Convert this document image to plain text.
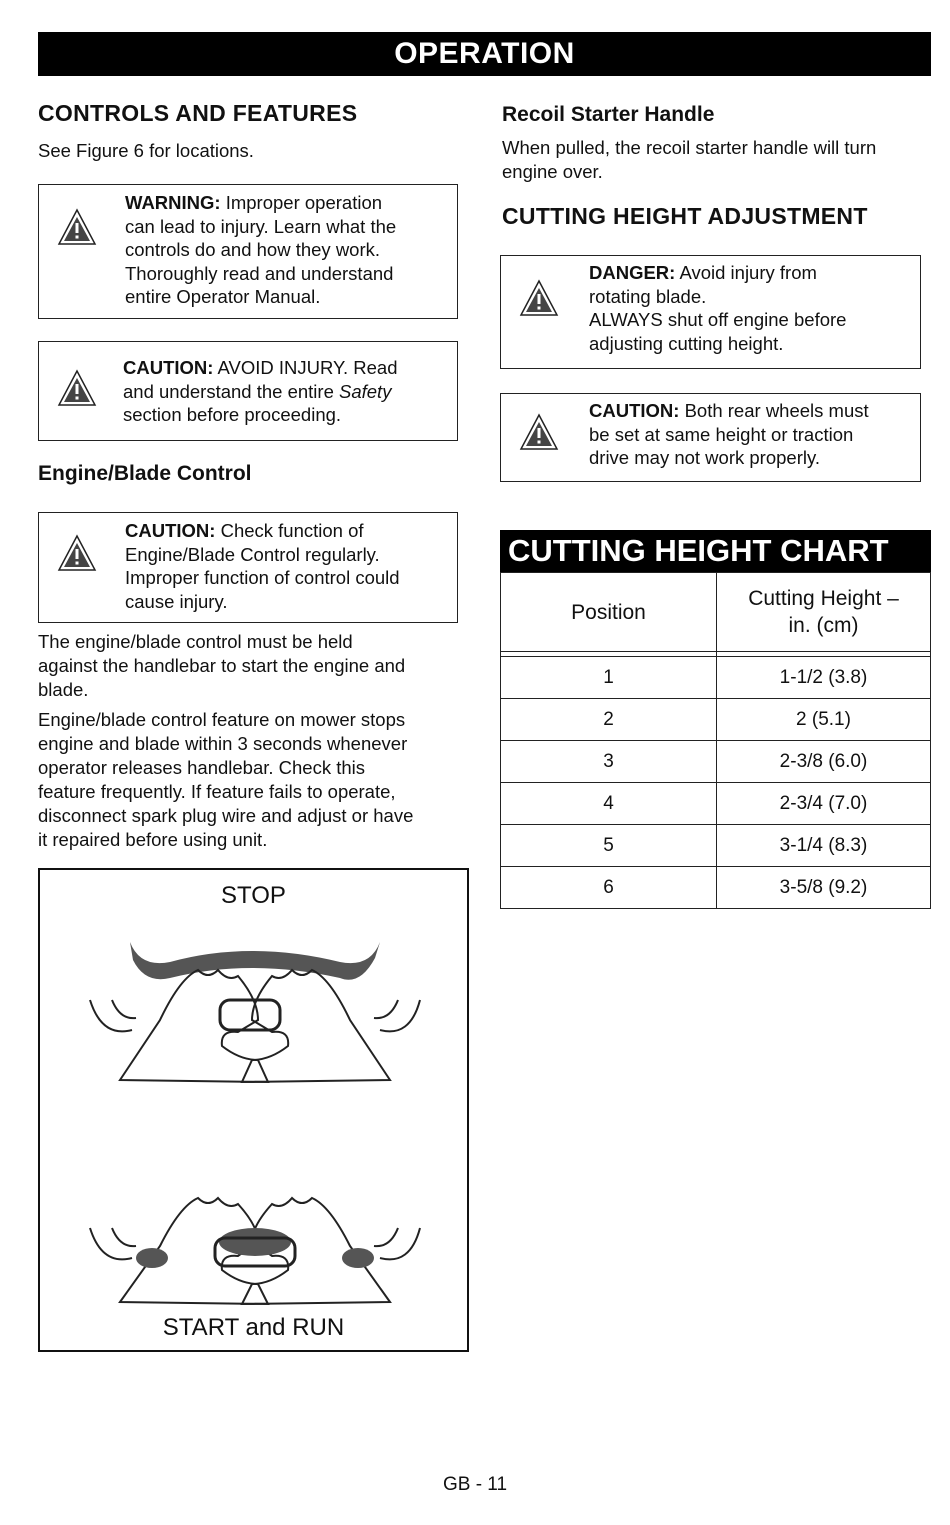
OPERATION
CONTROLS AND FEATURES
See Figure 6 for locations.
WARNING: Improper operation
can lead to injury. Learn what the
controls do and how they work.
Thoroughly read and understand
entire Operator Manual.
CAUTION: AVOID INJURY. Read
and understand the entire Safety
section before proceeding.
Engine/Blade Control
CAUTION: Check function of
Engine/Blade Control regularly.
Improper function of control could
cause injury.
The engine/blade control must be held
against the handlebar to start the engine and
blade.
Engine/blade control feature on mower stops
engine and blade within 3 seconds whenever
operator releases handlebar. Check this
feature frequently. If feature fails to operate,
disconnect spark plug wire and adjust or have
it repaired before using unit.
STOP
START and RUN
Recoil Starter Handle
When pulled, the recoil starter handle will turn
engine over.
CUTTING HEIGHT ADJUSTMENT
DANGER: Avoid injury from
rotating blade.
ALWAYS shut off engine before
adjusting cutting height.
CAUTION: Both rear wheels must
be set at same height or traction
drive may not work properly.
CUTTING HEIGHT CHART
Position	Cutting Height –
in. (cm)

1	1-1/2 (3.8)
2	2 (5.1)
3	2-3/8 (6.0)
4	2-3/4 (7.0)
5	3-1/4 (8.3)
6	3-5/8 (9.2)
GB - 11
